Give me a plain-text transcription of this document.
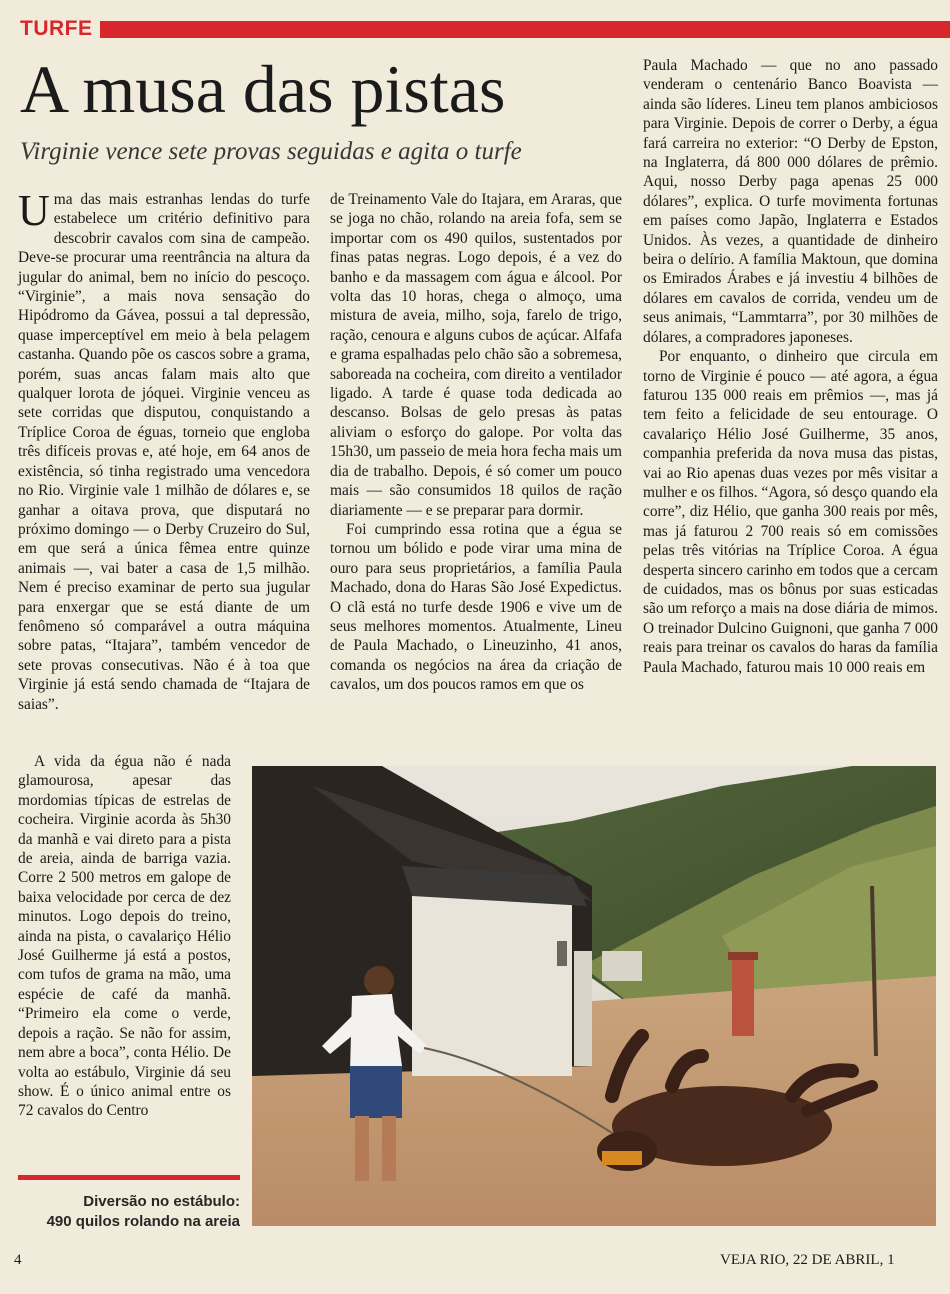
TURFE
A musa das pistas
Virginie vence sete provas seguidas e agita o turfe

Uma das mais estranhas lendas do turfe estabelece um critério definitivo para descobrir cavalos com sina de campeão. Deve-se procurar uma reentrância na altura da jugular do animal, bem no início do pescoço. “Virginie”, a mais nova sensação do Hipódromo da Gávea, possui a tal depressão, quase imperceptível em meio à bela pelagem castanha. Quando põe os cascos sobre a grama, porém, suas ancas falam mais alto que qualquer lorota de jóquei. Virginie venceu as sete corridas que disputou, conquistando a Tríplice Coroa de éguas, torneio que engloba três difíceis provas e, até hoje, em 64 anos de existência, só tinha registrado uma vencedora no Rio. Virginie vale 1 milhão de dólares e, se ganhar a oitava prova, que disputará no próximo domingo — o Derby Cruzeiro do Sul, em que será a única fêmea entre quinze animais —, vai bater a casa de 1,5 milhão. Nem é preciso examinar de perto sua jugular para enxergar que se está diante de um fenômeno só comparável a outra máquina sobre patas, “Itajara”, também vencedor de sete provas consecutivas. Não é à toa que Virginie já está sendo chamada de “Itajara de saias”.

A vida da égua não é nada glamourosa, apesar das mordomias típicas de estrelas de cocheira. Virginie acorda às 5h30 da manhã e vai direto para a pista de areia, ainda de barriga vazia. Corre 2 500 metros em galope de baixa velocidade por cerca de dez minutos. Logo depois do treino, ainda na pista, o cavalariço Hélio José Guilherme já está a postos, com tufos de grama na mão, uma espécie de café da manhã. “Primeiro ela come o verde, depois a ração. Se não for assim, nem abre a boca”, conta Hélio. De volta ao estábulo, Virginie dá seu show. É o único animal entre os 72 cavalos do Centro

de Treinamento Vale do Itajara, em Araras, que se joga no chão, rolando na areia fofa, sem se importar com os 490 quilos, sustentados por finas patas negras. Logo depois, é a vez do banho e da massagem com água e álcool. Por volta das 10 horas, chega o almoço, uma mistura de aveia, milho, soja, farelo de trigo, ração, cenoura e alguns cubos de açúcar. Alfafa e grama espalhadas pelo chão são a sobremesa, saboreada na cocheira, com direito a ventilador ligado. A tarde é quase toda dedicada ao descanso. Bolsas de gelo presas às patas aliviam o esforço do galope. Por volta das 15h30, um passeio de meia hora fecha mais um dia de trabalho. Depois, é só comer um pouco mais — são consumidos 18 quilos de ração diariamente — e se preparar para dormir.

Foi cumprindo essa rotina que a égua se tornou um bólido e pode virar uma mina de ouro para seus proprietários, a família Paula Machado, dona do Haras São José Expedictus. O clã está no turfe desde 1906 e vive um de seus melhores momentos. Atualmente, Lineu de Paula Machado, o Lineuzinho, 41 anos, comanda os negócios na área da criação de cavalos, um dos poucos ramos em que os

Paula Machado — que no ano passado venderam o centenário Banco Boavista — ainda são líderes. Lineu tem planos ambiciosos para Virginie. Depois de correr o Derby, a égua fará carreira no exterior: “O Derby de Epston, na Inglaterra, dá 800 000 dólares de prêmio. Aqui, nosso Derby paga apenas 25 000 dólares”, explica. O turfe movimenta fortunas em países como Japão, Inglaterra e Estados Unidos. Às vezes, a quantidade de dinheiro beira o delírio. A família Maktoun, que domina os Emirados Árabes e já investiu 4 bilhões de dólares em cavalos de corrida, vendeu um de seus animais, “Lammtarra”, por 30 milhões de dólares, a compradores japoneses.

Por enquanto, o dinheiro que circula em torno de Virginie é pouco — até agora, a égua faturou 135 000 reais em prêmios —, mas já tem feito a felicidade de seu entourage. O cavalariço Hélio José Guilherme, 35 anos, companhia preferida da nova musa das pistas, vai ao Rio apenas duas vezes por mês visitar a mulher e os filhos. “Agora, só desço quando ela corre”, diz Hélio, que ganha 300 reais por mês, mas já faturou 2 700 reais só em comissões pelas três vitórias na Tríplice Coroa. A égua desperta sincero carinho em todos que a cercam de cuidados, mas os bônus por suas esticadas são um reforço a mais na dose diária de mimos. O treinador Dulcino Guignoni, que ganha 7 000 reais para treinar os cavalos do haras da família Paula Machado, faturou mais 10 000 reais em

Diversão no estábulo:
490 quilos rolando na areia
4	VEJA RIO, 22 DE ABRIL, 1
